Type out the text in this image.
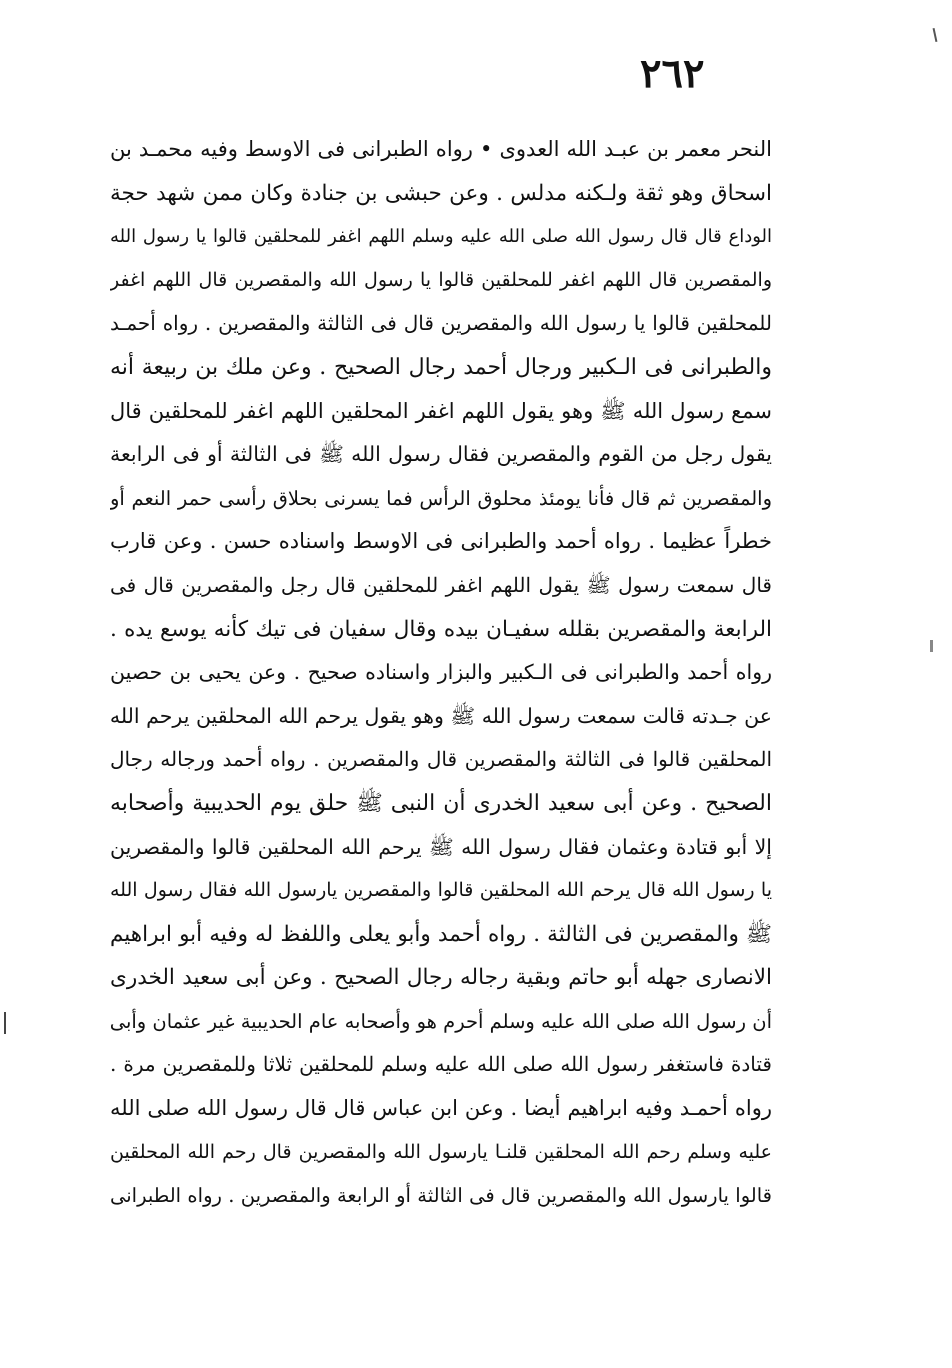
٢٦٢
النحر معمر بن عبـد الله العدوى • رواه الطبرانى فى الاوسط وفيه محمـد بن
اسحاق وهو ثقة ولـكنه مدلس . وعن حبشى بن جنادة وكان ممن شهد حجة
الوداع قال قال رسول الله صلى الله عليه وسلم اللهم اغفر للمحلقين قالوا يا رسول الله
والمقصرين قال اللهم اغفر للمحلقين قالوا يا رسول الله والمقصرين قال اللهم اغفر
للمحلقين قالوا يا رسول الله والمقصرين قال فى الثالثة والمقصرين . رواه أحمـد
والطبرانى فى الـكبير ورجال أحمد رجال الصحيح . وعن ملك بن ربيعة أنه
سمع رسول الله ﷺ وهو يقول اللهم اغفر المحلقين اللهم اغفر للمحلقين قال
يقول رجل من القوم والمقصرين فقال رسول الله ﷺ فى الثالثة أو فى الرابعة
والمقصرين ثم قال فأنا يومئذ محلوق الرأس فما يسرنى بحلاق رأسى حمر النعم أو
خطراً عظيما . رواه أحمد والطبرانى فى الاوسط واسناده حسن . وعن قارب
قال سمعت رسول ﷺ يقول اللهم اغفر للمحلقين قال رجل والمقصرين قال فى
الرابعة والمقصرين بقلله سفيـان بيده وقال سفيان فى تيك كأنه يوسع يده .
رواه أحمد والطبرانى فى الـكبير والبزار واسناده صحيح . وعن يحيى بن حصين
عن جـدته قالت سمعت رسول الله ﷺ وهو يقول يرحم الله المحلقين يرحم الله
المحلقين قالوا فى الثالثة والمقصرين قال والمقصرين . رواه أحمد ورجاله رجال
الصحيح . وعن أبى سعيد الخدرى أن النبى ﷺ حلق يوم الحديبية وأصحابه
إلا أبو قتادة وعثمان فقال رسول الله ﷺ يرحم الله المحلقين قالوا والمقصرين
يا رسول الله قال يرحم الله المحلقين قالوا والمقصرين يارسول الله فقال رسول الله
ﷺ والمقصرين فى الثالثة . رواه أحمد وأبو يعلى واللفظ له وفيه أبو ابراهيم
الانصارى جهله أبو حاتم وبقية رجاله رجال الصحيح . وعن أبى سعيد الخدرى
أن رسول الله صلى الله عليه وسلم أحرم هو وأصحابه عام الحديبية غير عثمان وأبى
قتادة فاستغفر رسول الله صلى الله عليه وسلم للمحلقين ثلاثا وللمقصرين مرة .
رواه أحمـد وفيه ابراهيم أيضا . وعن ابن عباس قال قال رسول الله صلى الله
عليه وسلم رحم الله المحلقين قلنـا يارسول الله والمقصرين قال رحم الله المحلقين
قالوا يارسول الله والمقصرين قال فى الثالثة أو الرابعة والمقصرين . رواه الطبرانى
